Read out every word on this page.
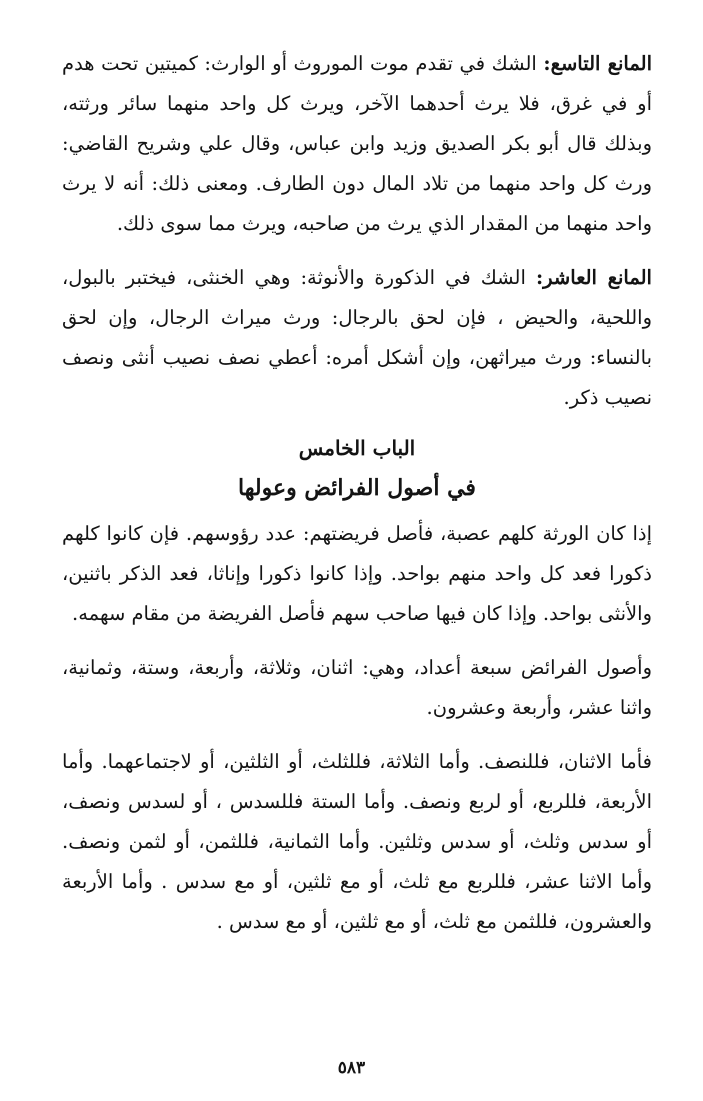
المانع التاسع: الشك في تقدم موت الموروث أو الوارث: كميتين تحت هدم أو في غرق، فلا يرث أحدهما الآخر، ويرث كل واحد منهما سائر ورثته، وبذلك قال أبو بكر الصديق وزيد وابن عباس، وقال علي وشريح القاضي: ورث كل واحد منهما من تلاد المال دون الطارف. ومعنى ذلك: أنه لا يرث واحد منهما من المقدار الذي يرث من صاحبه، ويرث مما سوى ذلك.

المانع العاشر: الشك في الذكورة والأنوثة: وهي الخنثى، فيختبر بالبول، واللحية، والحيض ، فإن لحق بالرجال: ورث ميراث الرجال، وإن لحق بالنساء: ورث ميراثهن، وإن أشكل أمره: أعطي نصف نصيب أنثى ونصف نصيب ذكر.

الباب الخامس

في أصول الفرائض وعولها

إذا كان الورثة كلهم عصبة، فأصل فريضتهم: عدد رؤوسهم. فإن كانوا كلهم ذكورا فعد كل واحد منهم بواحد. وإذا كانوا ذكورا وإناثا، فعد الذكر باثنين، والأنثى بواحد. وإذا كان فيها صاحب سهم فأصل الفريضة من مقام سهمه.

وأصول الفرائض سبعة أعداد، وهي: اثنان، وثلاثة، وأربعة، وستة، وثمانية، واثنا عشر، وأربعة وعشرون.

فأما الاثنان، فللنصف. وأما الثلاثة، فللثلث، أو الثلثين، أو لاجتماعهما. وأما الأربعة، فللربع، أو لربع ونصف. وأما الستة فللسدس ، أو لسدس ونصف، أو سدس وثلث، أو سدس وثلثين. وأما الثمانية، فللثمن، أو لثمن ونصف. وأما الاثنا عشر، فللربع مع ثلث، أو مع ثلثين، أو مع سدس . وأما الأربعة والعشرون، فللثمن مع ثلث، أو مع ثلثين، أو مع سدس .

٥٨٣
